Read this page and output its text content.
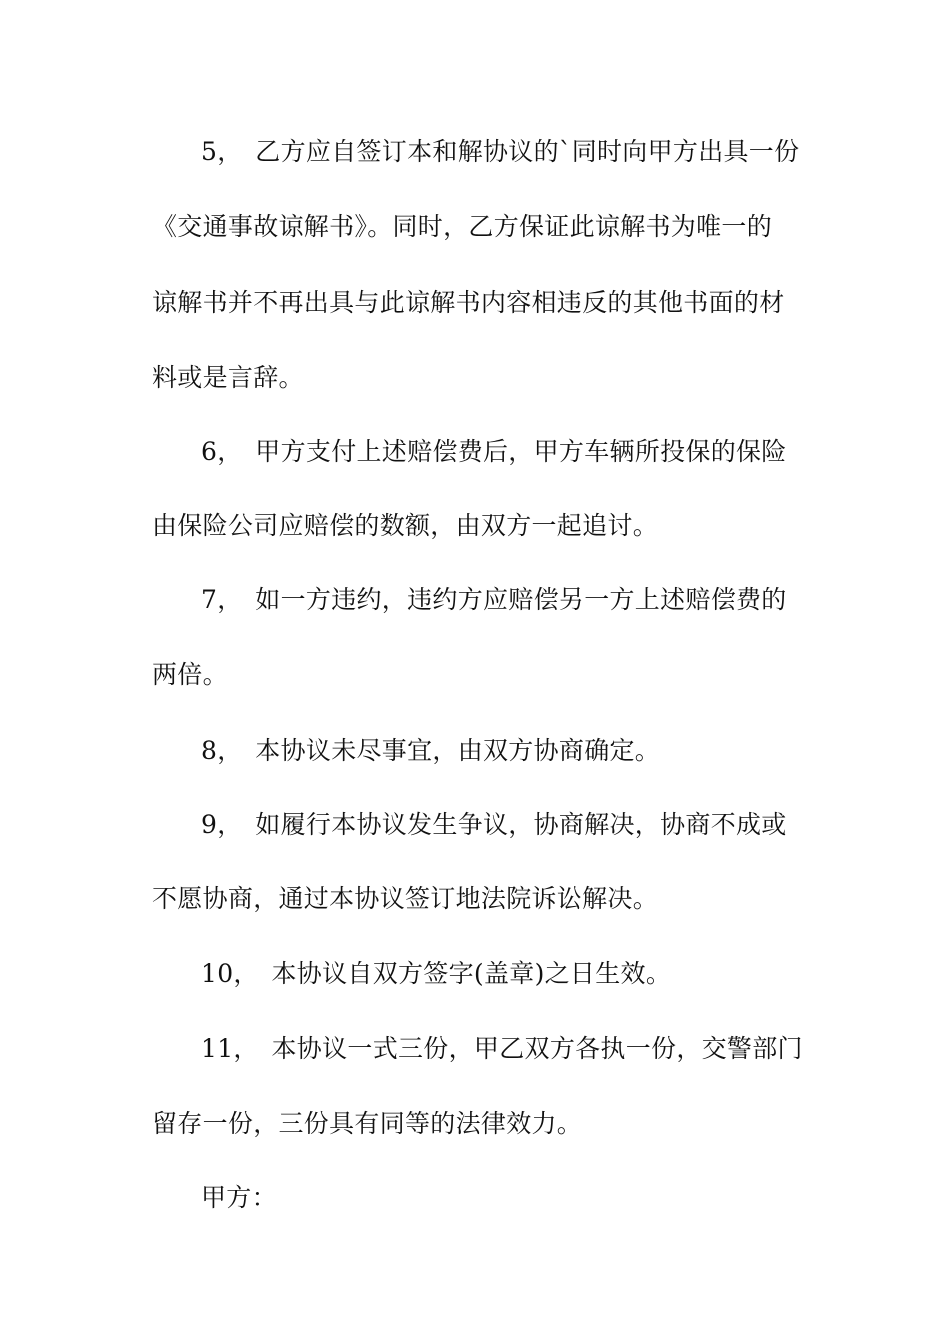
5，　乙方应自签订本和解协议的`同时向甲方出具一份
《交通事故谅解书》。同时，乙方保证此谅解书为唯一的
谅解书并不再出具与此谅解书内容相违反的其他书面的材
料或是言辞。
6，　甲方支付上述赔偿费后，甲方车辆所投保的保险
由保险公司应赔偿的数额，由双方一起追讨。
7，　如一方违约，违约方应赔偿另一方上述赔偿费的
两倍。
8，　本协议未尽事宜，由双方协商确定。
9，　如履行本协议发生争议，协商解决，协商不成或
不愿协商，通过本协议签订地法院诉讼解决。
10，　本协议自双方签字(盖章)之日生效。
11，　本协议一式三份，甲乙双方各执一份，交警部门
留存一份，三份具有同等的法律效力。
甲方：
